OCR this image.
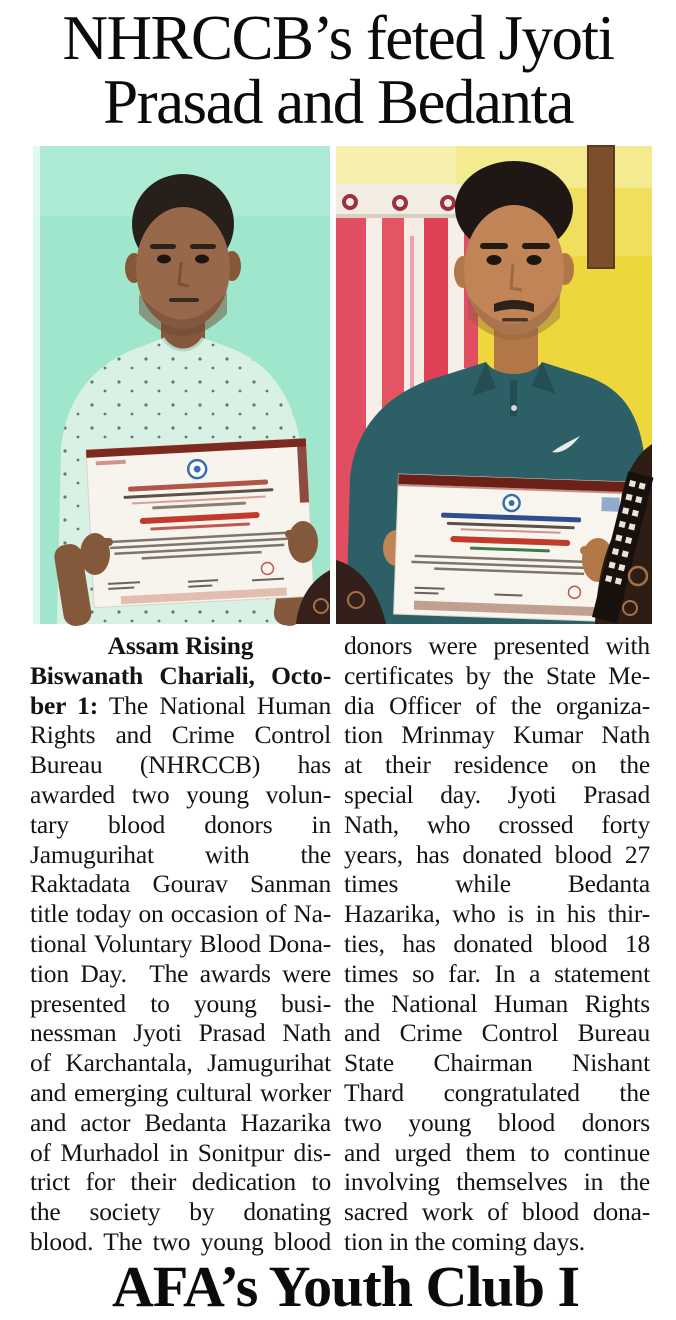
NHRCCB’s feted Jyoti
Prasad and Bedanta
Assam Rising
Biswanath Chariali, Octo-
ber 1: The National Human
Rights and Crime Control
Bureau (NHRCCB) has
awarded two young volun-
tary blood donors in
Jamugurihat with the
Raktadata Gourav Sanman
title today on occasion of Na-
tional Voluntary Blood Dona-
tion Day.  The awards were
presented to young busi-
nessman Jyoti Prasad Nath
of Karchantala, Jamugurihat
and emerging cultural worker
and actor Bedanta Hazarika
of Murhadol in Sonitpur dis-
trict for their dedication to
the society by donating
blood. The two young blood
donors were presented with
certificates by the State Me-
dia Officer of the organiza-
tion Mrinmay Kumar Nath
at their residence on the
special day. Jyoti Prasad
Nath, who crossed forty
years, has donated blood 27
times while Bedanta
Hazarika, who is in his thir-
ties, has donated blood 18
times so far. In a statement
the National Human Rights
and Crime Control Bureau
State Chairman Nishant
Thard congratulated the
two young blood donors
and urged them to continue
involving themselves in the
sacred work of blood dona-
tion in the coming days.
AFA’s Youth Club I
